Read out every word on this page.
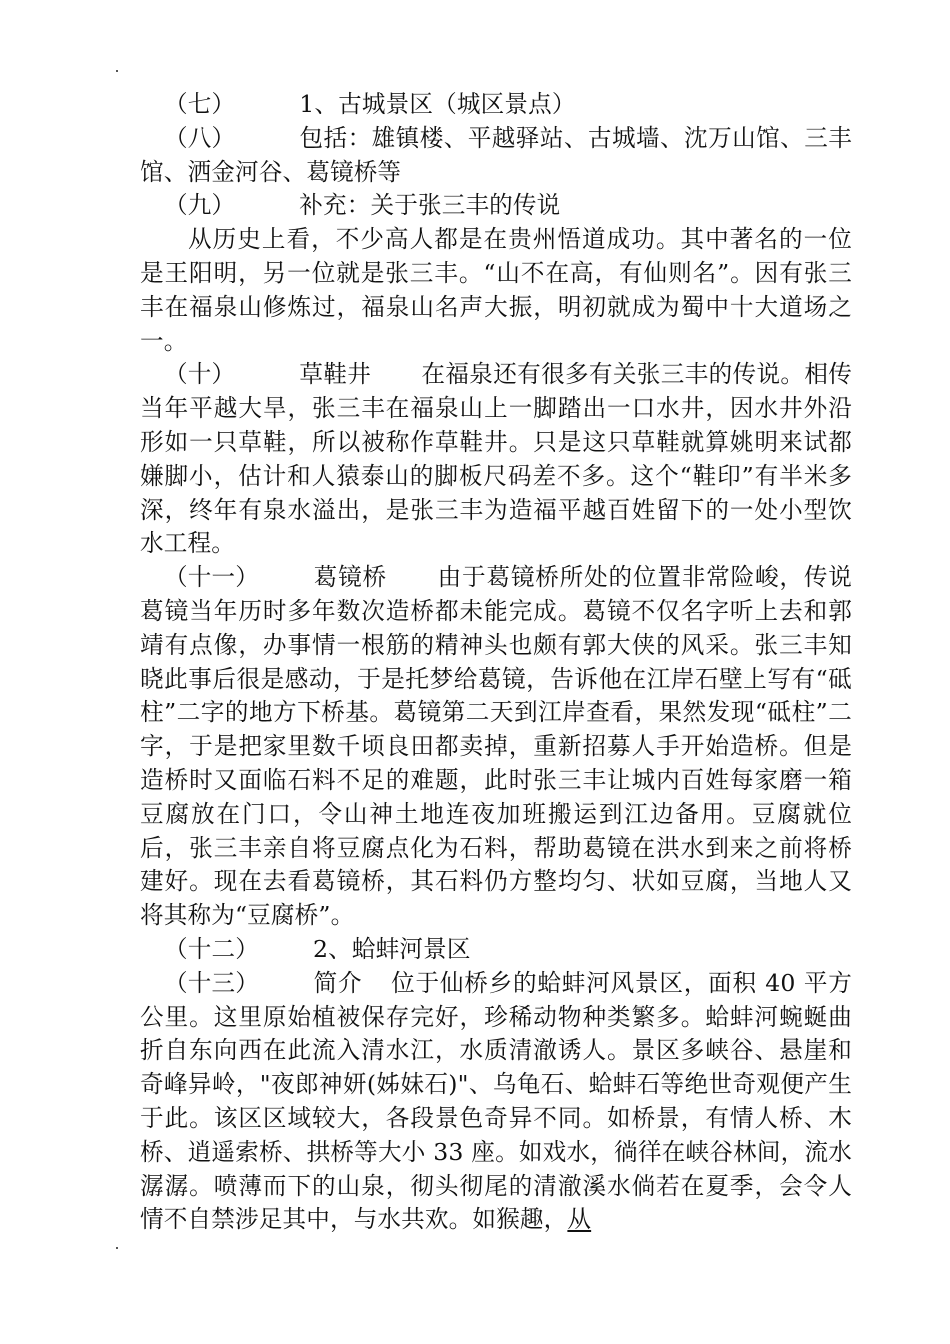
（七）	1、古城景区（城区景点）

（八）	包括：雄镇楼、平越驿站、古城墙、沈万山馆、三丰馆、洒金河谷、葛镜桥等

（九）	补充：关于张三丰的传说

从历史上看，不少高人都是在贵州悟道成功。其中著名的一位是王阳明，另一位就是张三丰。“山不在高，有仙则名”。因有张三丰在福泉山修炼过，福泉山名声大振，明初就成为蜀中十大道场之一。

（十）	草鞋井 在福泉还有很多有关张三丰的传说。相传当年平越大旱，张三丰在福泉山上一脚踏出一口水井，因水井外沿形如一只草鞋，所以被称作草鞋井。只是这只草鞋就算姚明来试都嫌脚小，估计和人猿泰山的脚板尺码差不多。这个“鞋印”有半米多深，终年有泉水溢出，是张三丰为造福平越百姓留下的一处小型饮水工程。

（十一） 葛镜桥 由于葛镜桥所处的位置非常险峻，传说葛镜当年历时多年数次造桥都未能完成。葛镜不仅名字听上去和郭靖有点像，办事情一根筋的精神头也颇有郭大侠的风采。张三丰知晓此事后很是感动，于是托梦给葛镜，告诉他在江岸石壁上写有“砥柱”二字的地方下桥基。葛镜第二天到江岸查看，果然发现“砥柱”二字，于是把家里数千顷良田都卖掉，重新招募人手开始造桥。但是造桥时又面临石料不足的难题，此时张三丰让城内百姓每家磨一箱豆腐放在门口，令山神土地连夜加班搬运到江边备用。豆腐就位后，张三丰亲自将豆腐点化为石料，帮助葛镜在洪水到来之前将桥建好。现在去看葛镜桥，其石料仍方整均匀、状如豆腐，当地人又将其称为“豆腐桥”。

（十二） 2、蛤蚌河景区

（十三） 简介 位于仙桥乡的蛤蚌河风景区，面积 40 平方公里。这里原始植被保存完好，珍稀动物种类繁多。蛤蚌河蜿蜒曲折自东向西在此流入清水江，水质清澈诱人。景区多峡谷、悬崖和奇峰异岭，"夜郎神妍(姊妹石)"、乌龟石、蛤蚌石等绝世奇观便产生于此。该区区域较大，各段景色奇异不同。如桥景，有情人桥、木桥、逍遥索桥、拱桥等大小 33 座。如戏水，徜徉在峡谷林间，流水潺潺。喷薄而下的山泉，彻头彻尾的清澈溪水倘若在夏季，会令人情不自禁涉足其中，与水共欢。如猴趣，从
